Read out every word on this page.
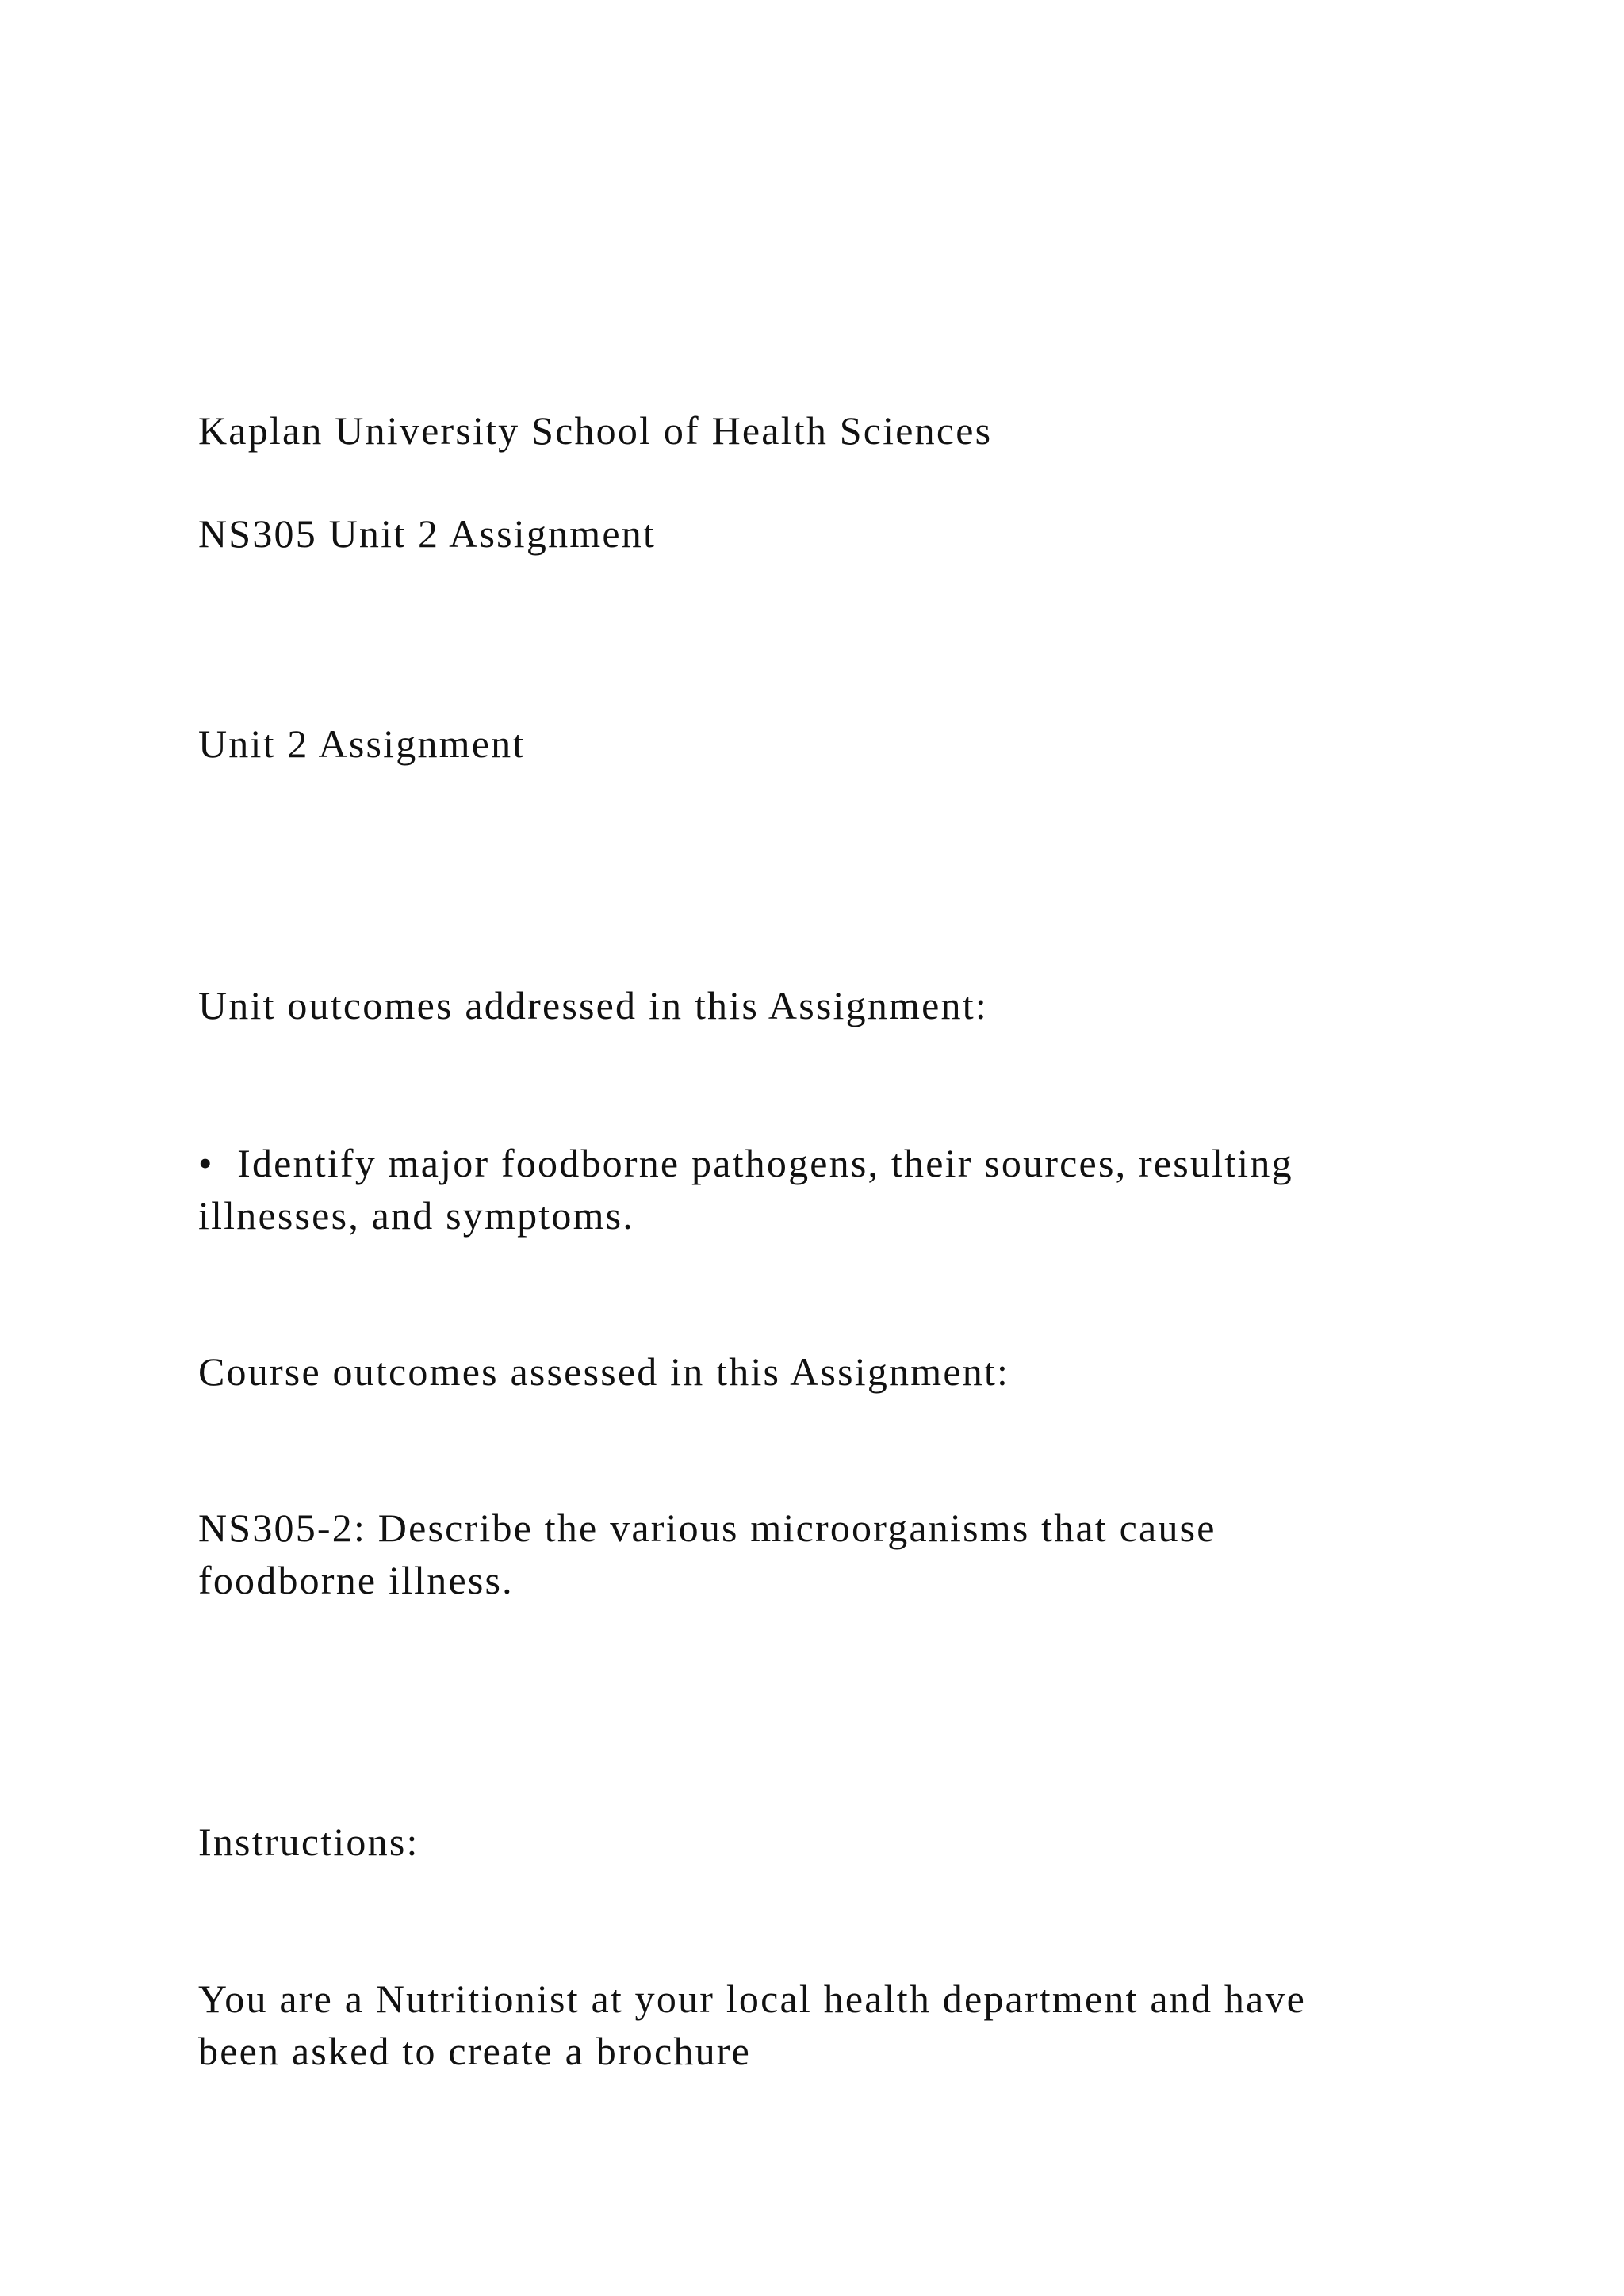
Kaplan University School of Health Sciences

NS305 Unit 2 Assignment

Unit 2 Assignment

Unit outcomes addressed in this Assignment:

•  Identify major foodborne pathogens, their sources, resulting
illnesses, and symptoms.

Course outcomes assessed in this Assignment:

NS305-2: Describe the various microorganisms that cause
foodborne illness.

Instructions:

You are a Nutritionist at your local health department and have
been asked to create a brochure
